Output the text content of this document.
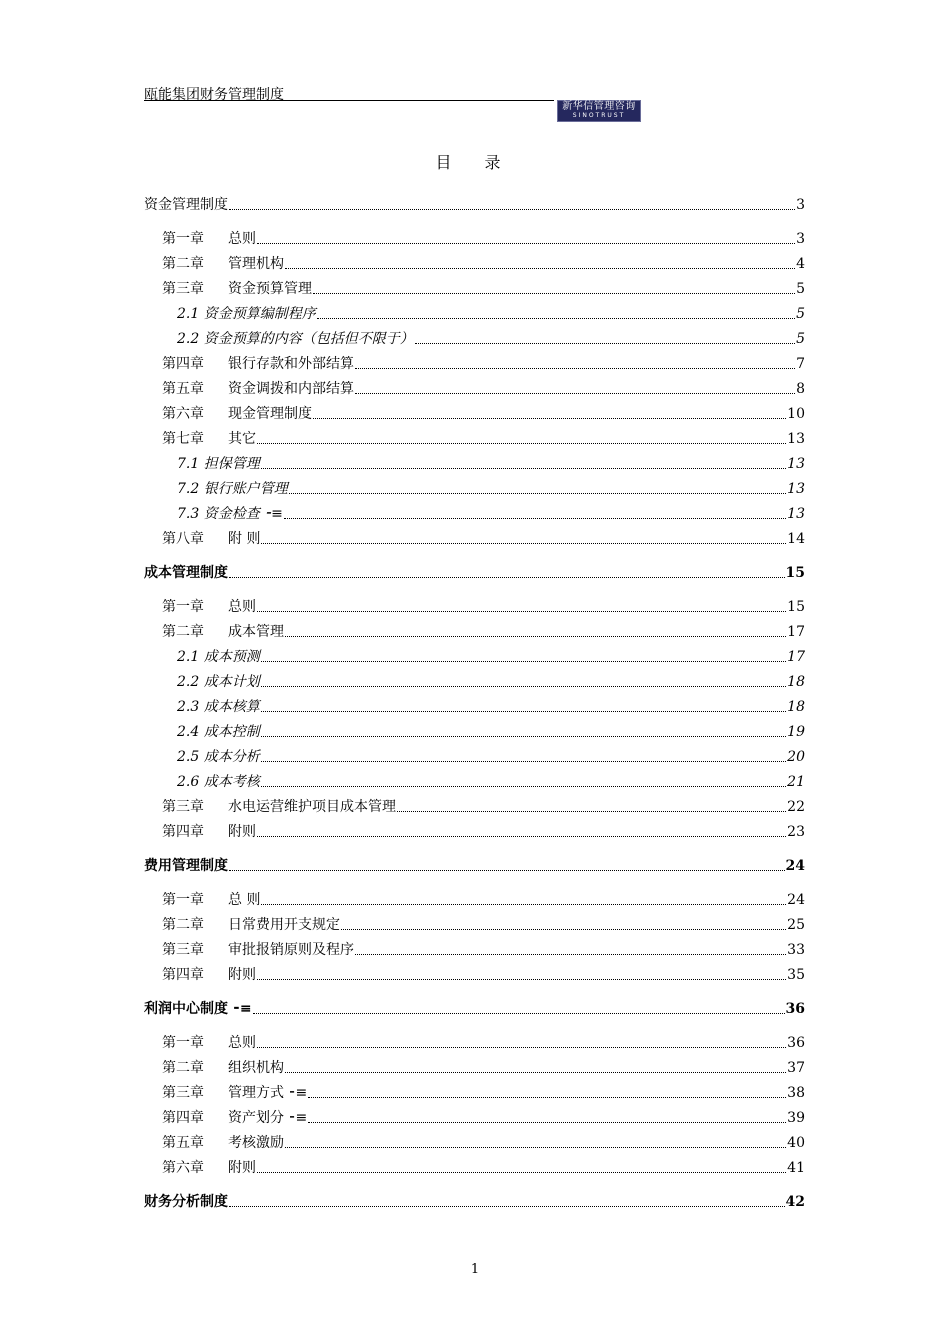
瓯能集团财务管理制度
新华信管理咨询
SINOTRUST
目 录
资金管理制度	3
第一章 总则	3
第二章 管理机构	4
第三章 资金预算管理	5
2.1 资金预算编制程序	5
2.2 资金预算的内容（包括但不限于）	5
第四章 银行存款和外部结算	7
第五章 资金调拨和内部结算	8
第六章 现金管理制度	10
第七章 其它	13
7.1 担保管理	13
7.2 银行账户管理	13
7.3 资金检查 ⁃≡	13
第八章 附 则	14
成本管理制度	15
第一章 总则	15
第二章 成本管理	17
2.1 成本预测	17
2.2 成本计划	18
2.3 成本核算	18
2.4 成本控制	19
2.5 成本分析	20
2.6 成本考核	21
第三章 水电运营维护项目成本管理	22
第四章 附则	23
费用管理制度	24
第一章 总 则	24
第二章 日常费用开支规定	25
第三章 审批报销原则及程序	33
第四章 附则	35
利润中心制度 ⁃≡	36
第一章 总则	36
第二章 组织机构	37
第三章 管理方式 ⁃≡	38
第四章 资产划分 ⁃≡	39
第五章 考核激励	40
第六章 附则	41
财务分析制度	42
1
